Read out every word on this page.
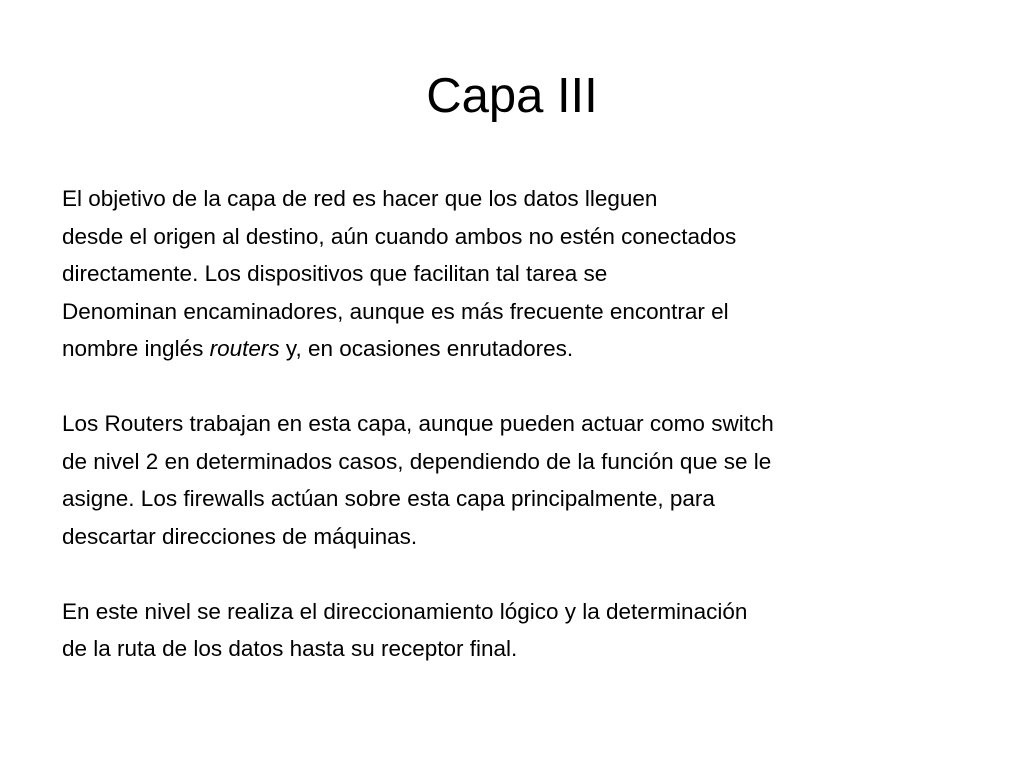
Capa III

El objetivo de la capa de red es hacer que los datos lleguen
desde el origen al destino, aún cuando ambos no estén conectados
directamente. Los dispositivos que facilitan tal tarea se
Denominan encaminadores, aunque es más frecuente encontrar el
nombre inglés routers y, en ocasiones enrutadores.

Los Routers trabajan en esta capa, aunque pueden actuar como switch
de nivel 2 en determinados casos, dependiendo de la función que se le
asigne. Los firewalls actúan sobre esta capa principalmente, para
descartar direcciones de máquinas.

En este nivel se realiza el direccionamiento lógico y la determinación
de la ruta de los datos hasta su receptor final.
